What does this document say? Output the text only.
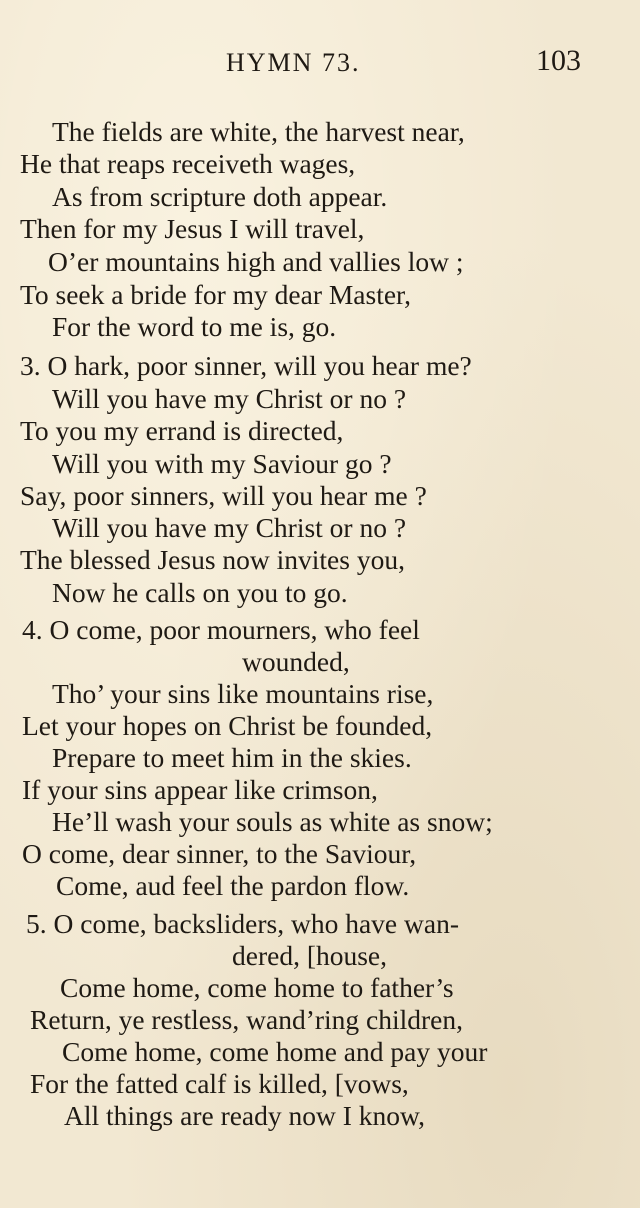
HYMN 73.	103
The fields are white, the harvest near,
He that reaps receiveth wages,
As from scripture doth appear.
Then for my Jesus I will travel,
O’er mountains high and vallies low ;
To seek a bride for my dear Master,
For the word to me is, go.
3. O hark, poor sinner, will you hear me?
Will you have my Christ or no ?
To you my errand is directed,
Will you with my Saviour go ?
Say, poor sinners, will you hear me ?
Will you have my Christ or no ?
The blessed Jesus now invites you,
Now he calls on you to go.
4. O come, poor mourners, who feel
wounded,
Tho’ your sins like mountains rise,
Let your hopes on Christ be founded,
Prepare to meet him in the skies.
If your sins appear like crimson,
He’ll wash your souls as white as snow;
O come, dear sinner, to the Saviour,
Come, aud feel the pardon flow.
5. O come, backsliders, who have wan-
dered, [house,
Come home, come home to father’s
Return, ye restless, wand’ring children,
Come home, come home and pay your
For the fatted calf is killed, [vows,
All things are ready now I know,
